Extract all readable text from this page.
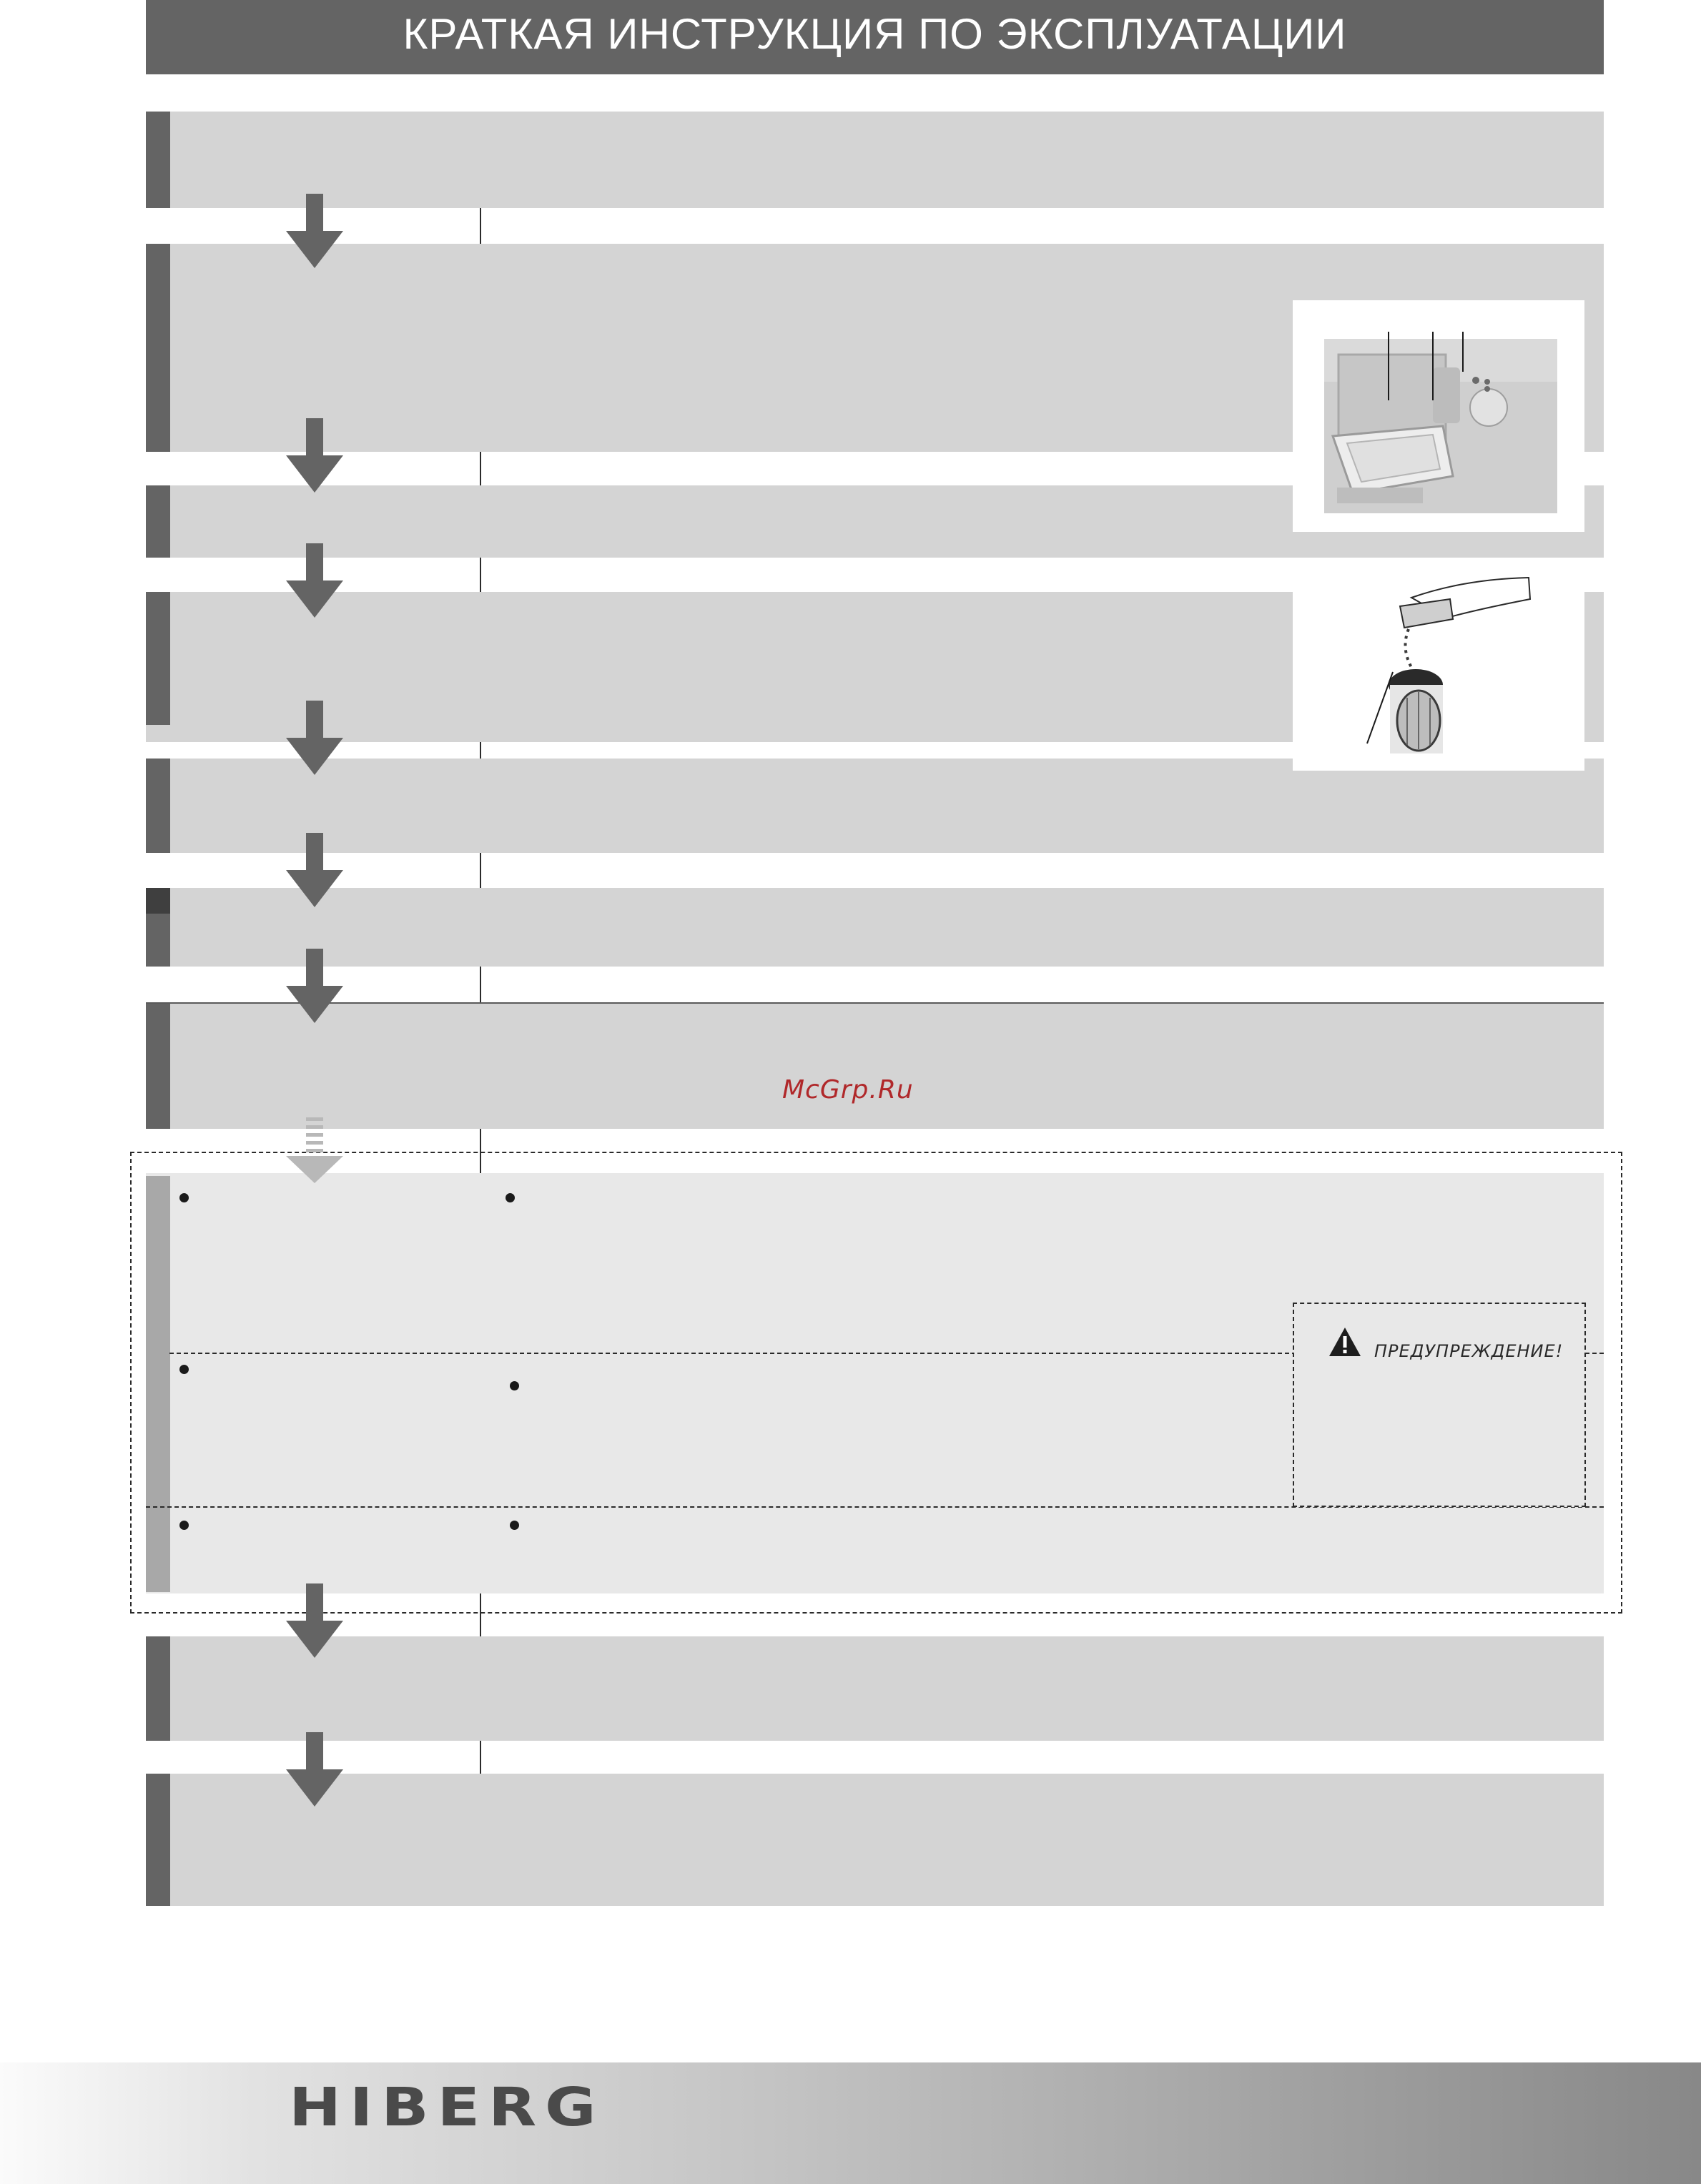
КРАТКАЯ ИНСТРУКЦИЯ ПО ЭКСПЛУАТАЦИИ
ПРЕДУПРЕЖДЕНИЕ!
McGrp.Ru
HIBERG
